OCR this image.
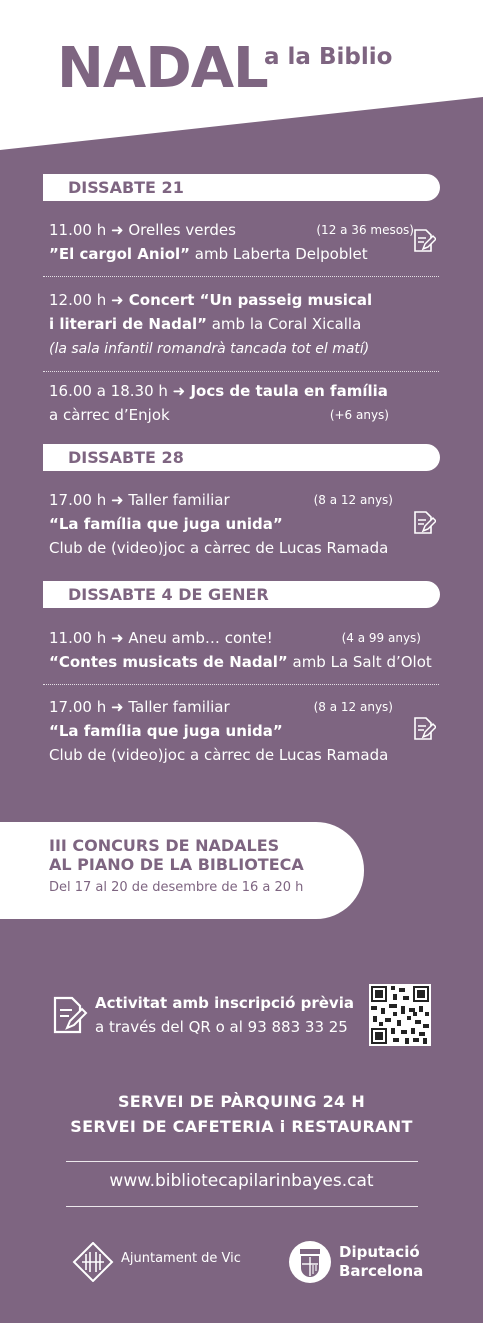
NADAL
a la Biblio
DISSABTE 21
11.00 h ➜ Orelles verdes	(12 a 36 mesos)
”El cargol Aniol” amb Laberta Delpoblet
12.00 h ➜ Concert “Un passeig musical
i literari de Nadal” amb la Coral Xicalla
(la sala infantil romandrà tancada tot el matí)
16.00 a 18.30 h ➜ Jocs de taula en família
a càrrec d’Enjok	(+6 anys)
DISSABTE 28
17.00 h ➜ Taller familiar	(8 a 12 anys)
“La família que juga unida”
Club de (video)joc a càrrec de Lucas Ramada
DISSABTE 4 DE GENER
11.00 h ➜ Aneu amb… conte!	(4 a 99 anys)
“Contes musicats de Nadal” amb La Salt d’Olot
17.00 h ➜ Taller familiar	(8 a 12 anys)
“La família que juga unida”
Club de (video)joc a càrrec de Lucas Ramada
III CONCURS DE NADALES
AL PIANO DE LA BIBLIOTECA
Del 17 al 20 de desembre de 16 a 20 h
Activitat amb inscripció prèvia
a través del QR o al 93 883 33 25
SERVEI DE PÀRQUING 24 H
SERVEI DE CAFETERIA i RESTAURANT
www.bibliotecapilarinbayes.cat
Ajuntament de Vic	Diputació
Barcelona
